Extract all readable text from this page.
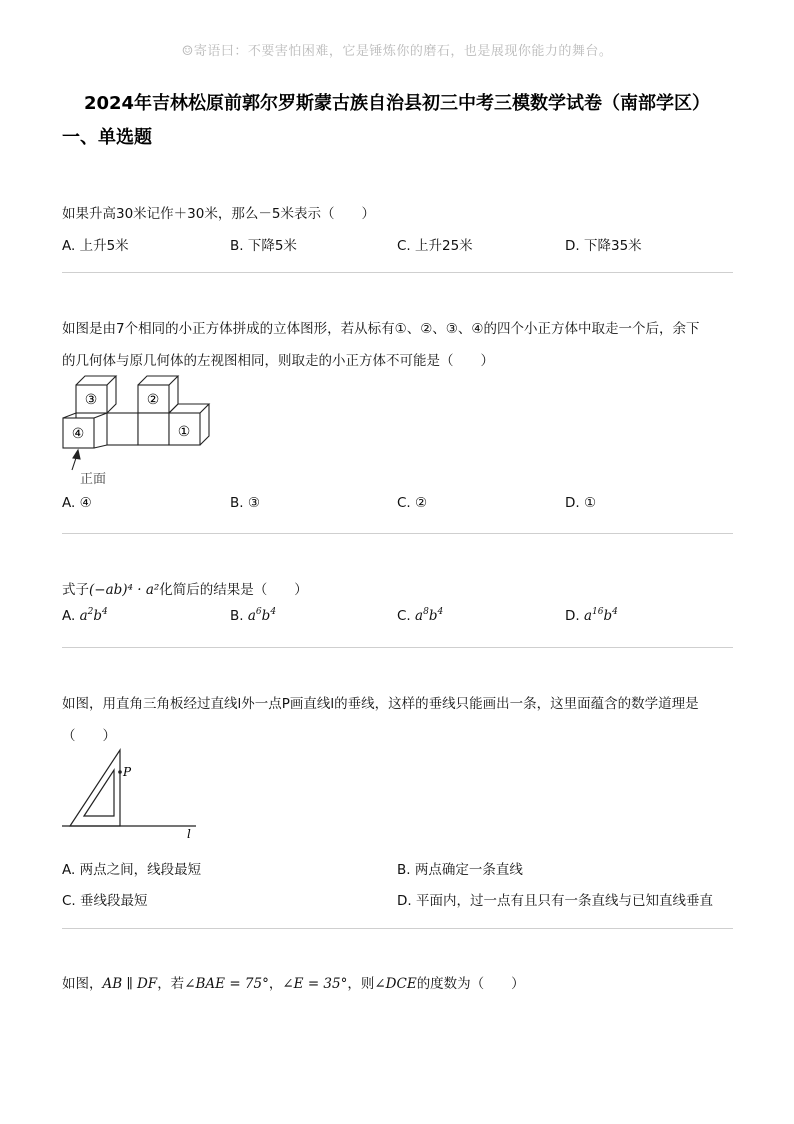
☺寄语曰：不要害怕困难，它是锤炼你的磨石，也是展现你能力的舞台。
2024年吉林松原前郭尔罗斯蒙古族自治县初三中考三模数学试卷（南部学区）
一、单选题
如果升高30米记作＋30米，那么－5米表示（　　）
A. 上升5米	B. 下降5米	C. 上升25米	D. 下降35米
如图是由7个相同的小正方体拼成的立体图形，若从标有①、②、③、④的四个小正方体中取走一个后，余下
的几何体与原几何体的左视图相同，则取走的小正方体不可能是（　　）
③	②
④	①
正面
A. ④	B. ③	C. ②	D. ①
式子(−ab)⁴ · a²化简后的结果是（　　）
A. $a^2b^4$	B. $a^6b^4$	C. $a^8b^4$	D. $a^{16}b^4$
如图，用直角三角板经过直线l外一点P画直线l的垂线，这样的垂线只能画出一条，这里面蕴含的数学道理是
（　　）
P
l
A. 两点之间，线段最短	B. 两点确定一条直线
C. 垂线段最短	D. 平面内，过一点有且只有一条直线与已知直线垂直
如图，AB ∥ DF，若∠BAE = 75°，∠E = 35°，则∠DCE的度数为（　　）
